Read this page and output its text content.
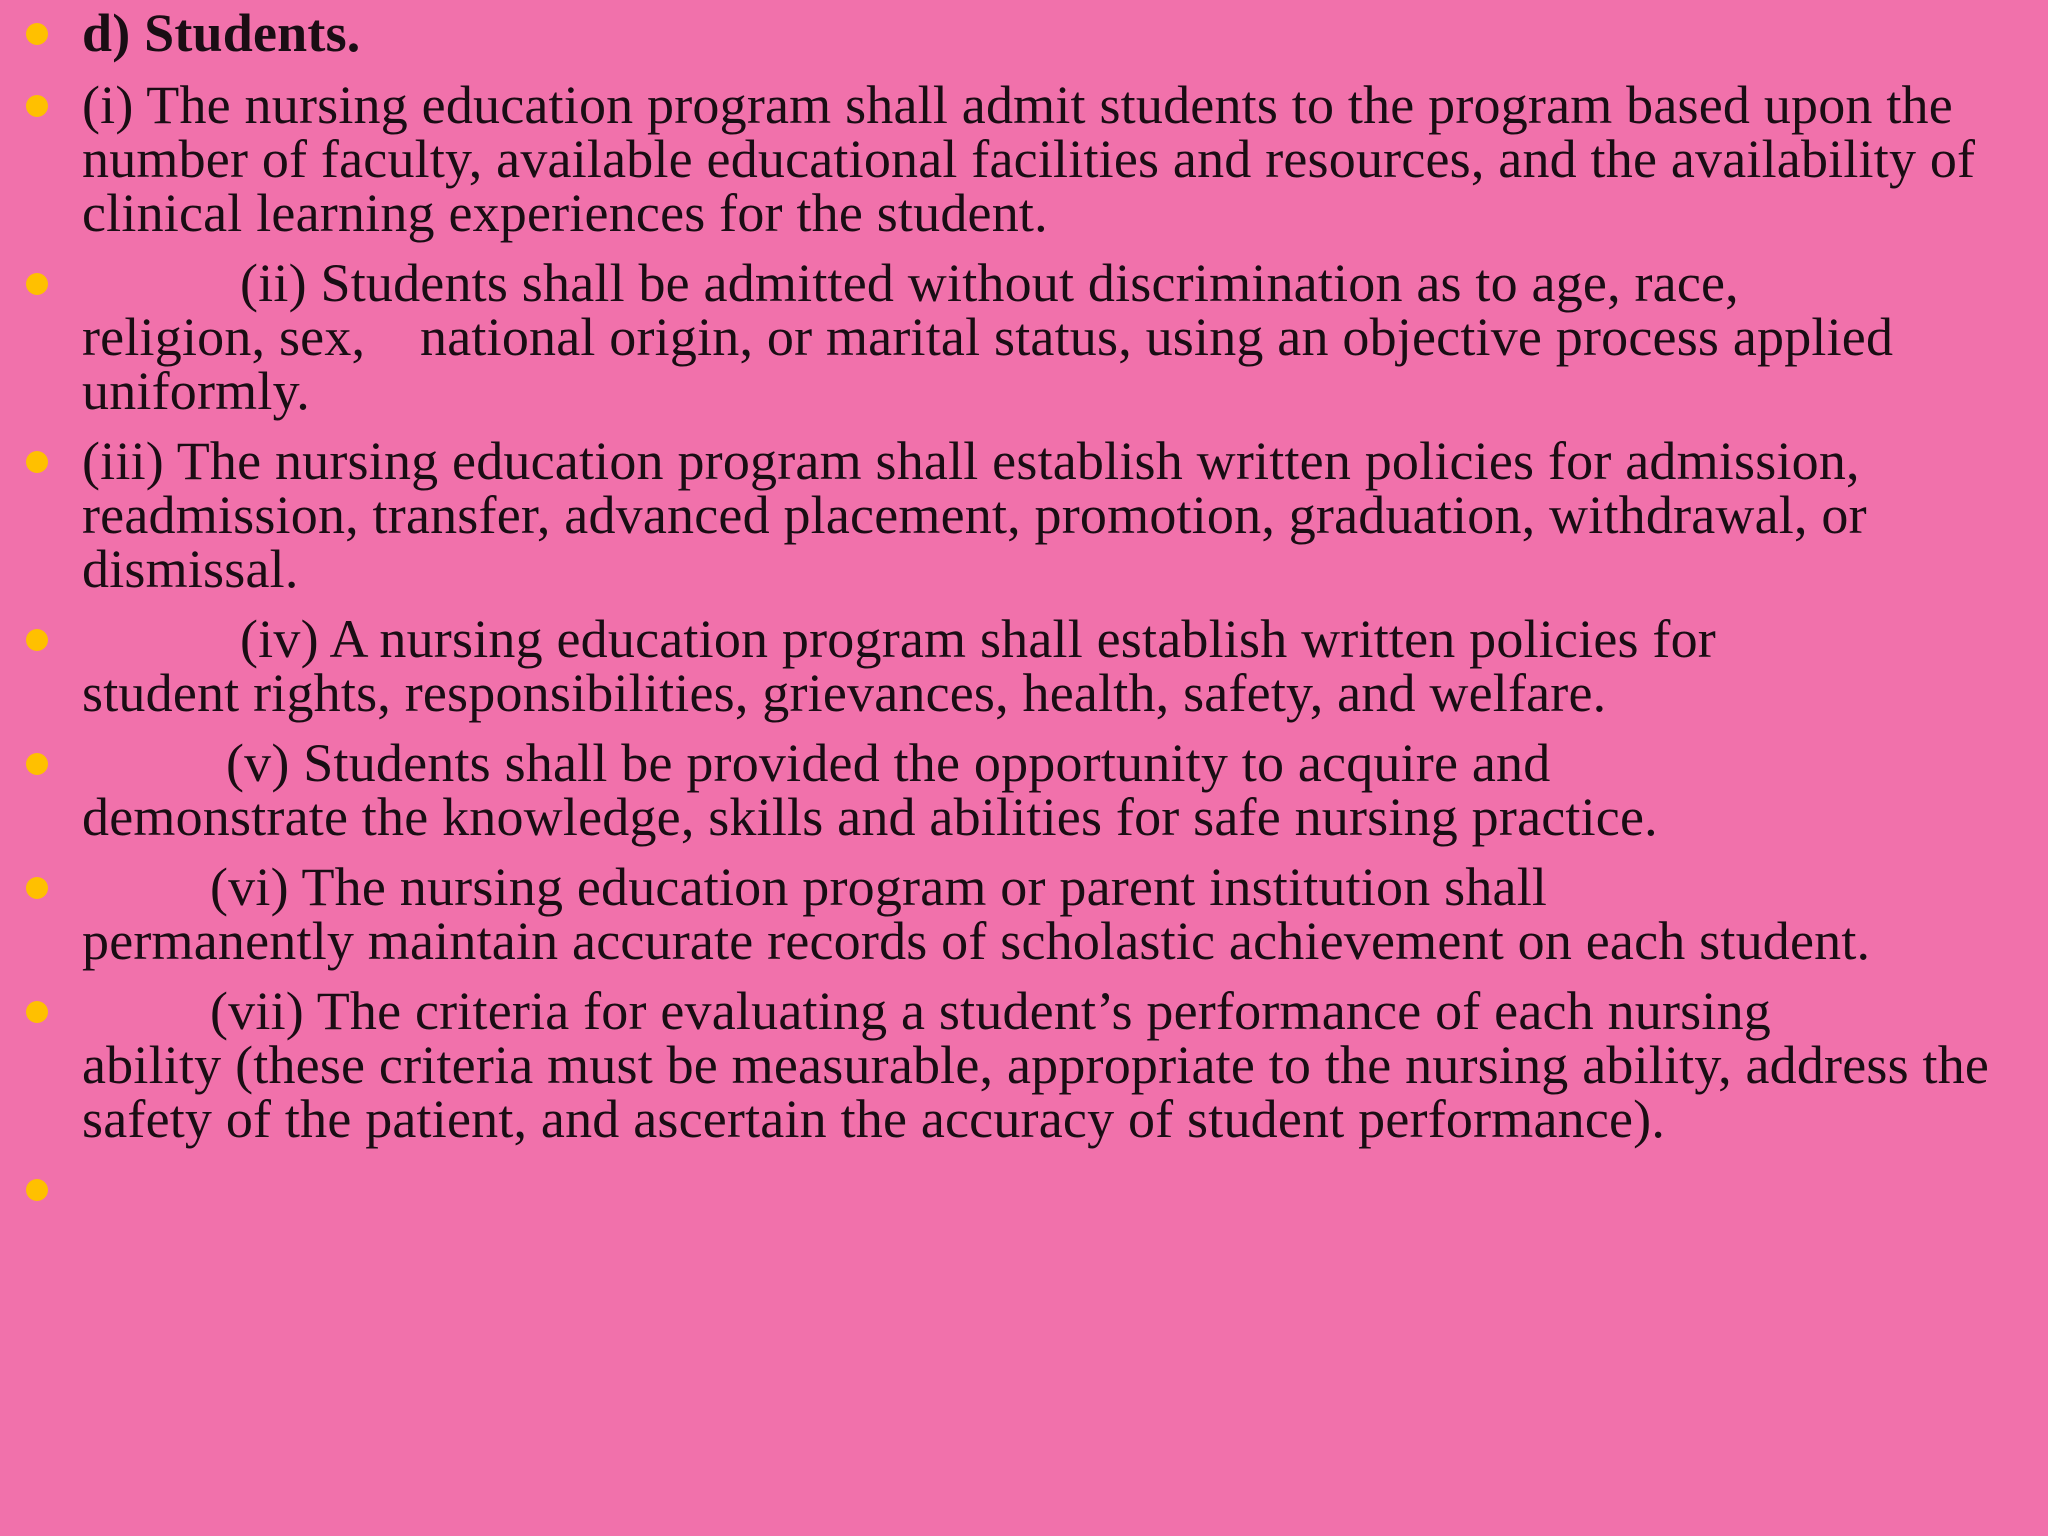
d) Students.
(i) The nursing education program shall admit students to the program based upon the number of faculty, available educational facilities and resources, and the availability of clinical learning experiences for the student.
(ii) Students shall be admitted without discrimination as to age, race,
religion, sex,    national origin, or marital status, using an objective process applied uniformly.
(iii) The nursing education program shall establish written policies for admission, readmission, transfer, advanced placement, promotion, graduation, withdrawal, or dismissal.
(iv) A nursing education program shall establish written policies for
student rights, responsibilities, grievances, health, safety, and welfare.
(v) Students shall be provided the opportunity to acquire and
demonstrate the knowledge, skills and abilities for safe nursing practice.
(vi) The nursing education program or parent institution shall
permanently maintain accurate records of scholastic achievement on each student.
(vii) The criteria for evaluating a student’s performance of each nursing
ability (these criteria must be measurable, appropriate to the nursing ability, address the safety of the patient, and ascertain the accuracy of student performance).
